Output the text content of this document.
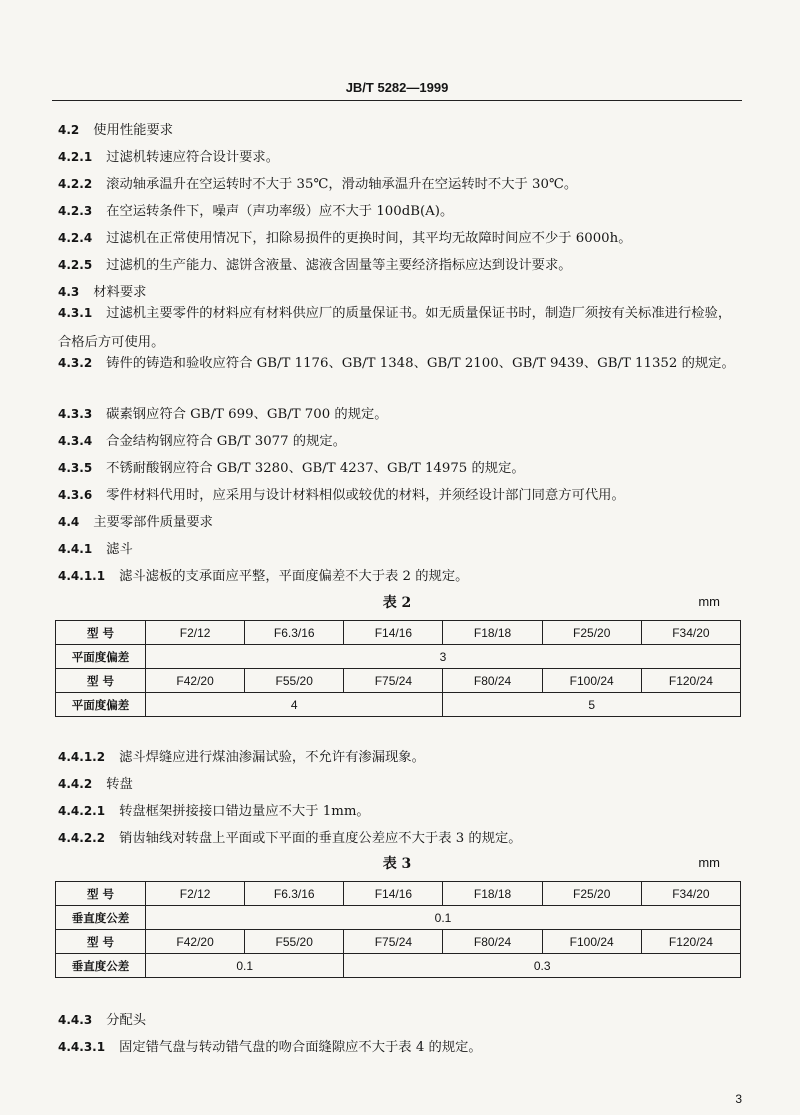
JB/T 5282—1999
4.2 使用性能要求
4.2.1 过滤机转速应符合设计要求。
4.2.2 滚动轴承温升在空运转时不大于 35℃，滑动轴承温升在空运转时不大于 30℃。
4.2.3 在空运转条件下，噪声（声功率级）应不大于 100dB(A)。
4.2.4 过滤机在正常使用情况下，扣除易损件的更换时间，其平均无故障时间应不少于 6000h。
4.2.5 过滤机的生产能力、滤饼含液量、滤液含固量等主要经济指标应达到设计要求。
4.3 材料要求
4.3.1 过滤机主要零件的材料应有材料供应厂的质量保证书。如无质量保证书时，制造厂须按有关标准进行检验，合格后方可使用。
4.3.2 铸件的铸造和验收应符合 GB/T 1176、GB/T 1348、GB/T 2100、GB/T 9439、GB/T 11352 的规定。
4.3.3 碳素钢应符合 GB/T 699、GB/T 700 的规定。
4.3.4 合金结构钢应符合 GB/T 3077 的规定。
4.3.5 不锈耐酸钢应符合 GB/T 3280、GB/T 4237、GB/T 14975 的规定。
4.3.6 零件材料代用时，应采用与设计材料相似或较优的材料，并须经设计部门同意方可代用。
4.4 主要零部件质量要求
4.4.1 滤斗
4.4.1.1 滤斗滤板的支承面应平整，平面度偏差不大于表 2 的规定。
表 2	mm
型 号	F2/12	F6.3/16	F14/16	F18/18	F25/20	F34/20
平面度偏差	3					
型 号	F42/20	F55/20	F75/24	F80/24	F100/24	F120/24
平面度偏差	4			5		
4.4.1.2 滤斗焊缝应进行煤油渗漏试验，不允许有渗漏现象。
4.4.2 转盘
4.4.2.1 转盘框架拼接接口错边量应不大于 1mm。
4.4.2.2 销齿轴线对转盘上平面或下平面的垂直度公差应不大于表 3 的规定。
表 3	mm
型 号	F2/12	F6.3/16	F14/16	F18/18	F25/20	F34/20
垂直度公差	0.1					
型 号	F42/20	F55/20	F75/24	F80/24	F100/24	F120/24
垂直度公差	0.1		0.3			
4.4.3 分配头
4.4.3.1 固定错气盘与转动错气盘的吻合面缝隙应不大于表 4 的规定。
3
